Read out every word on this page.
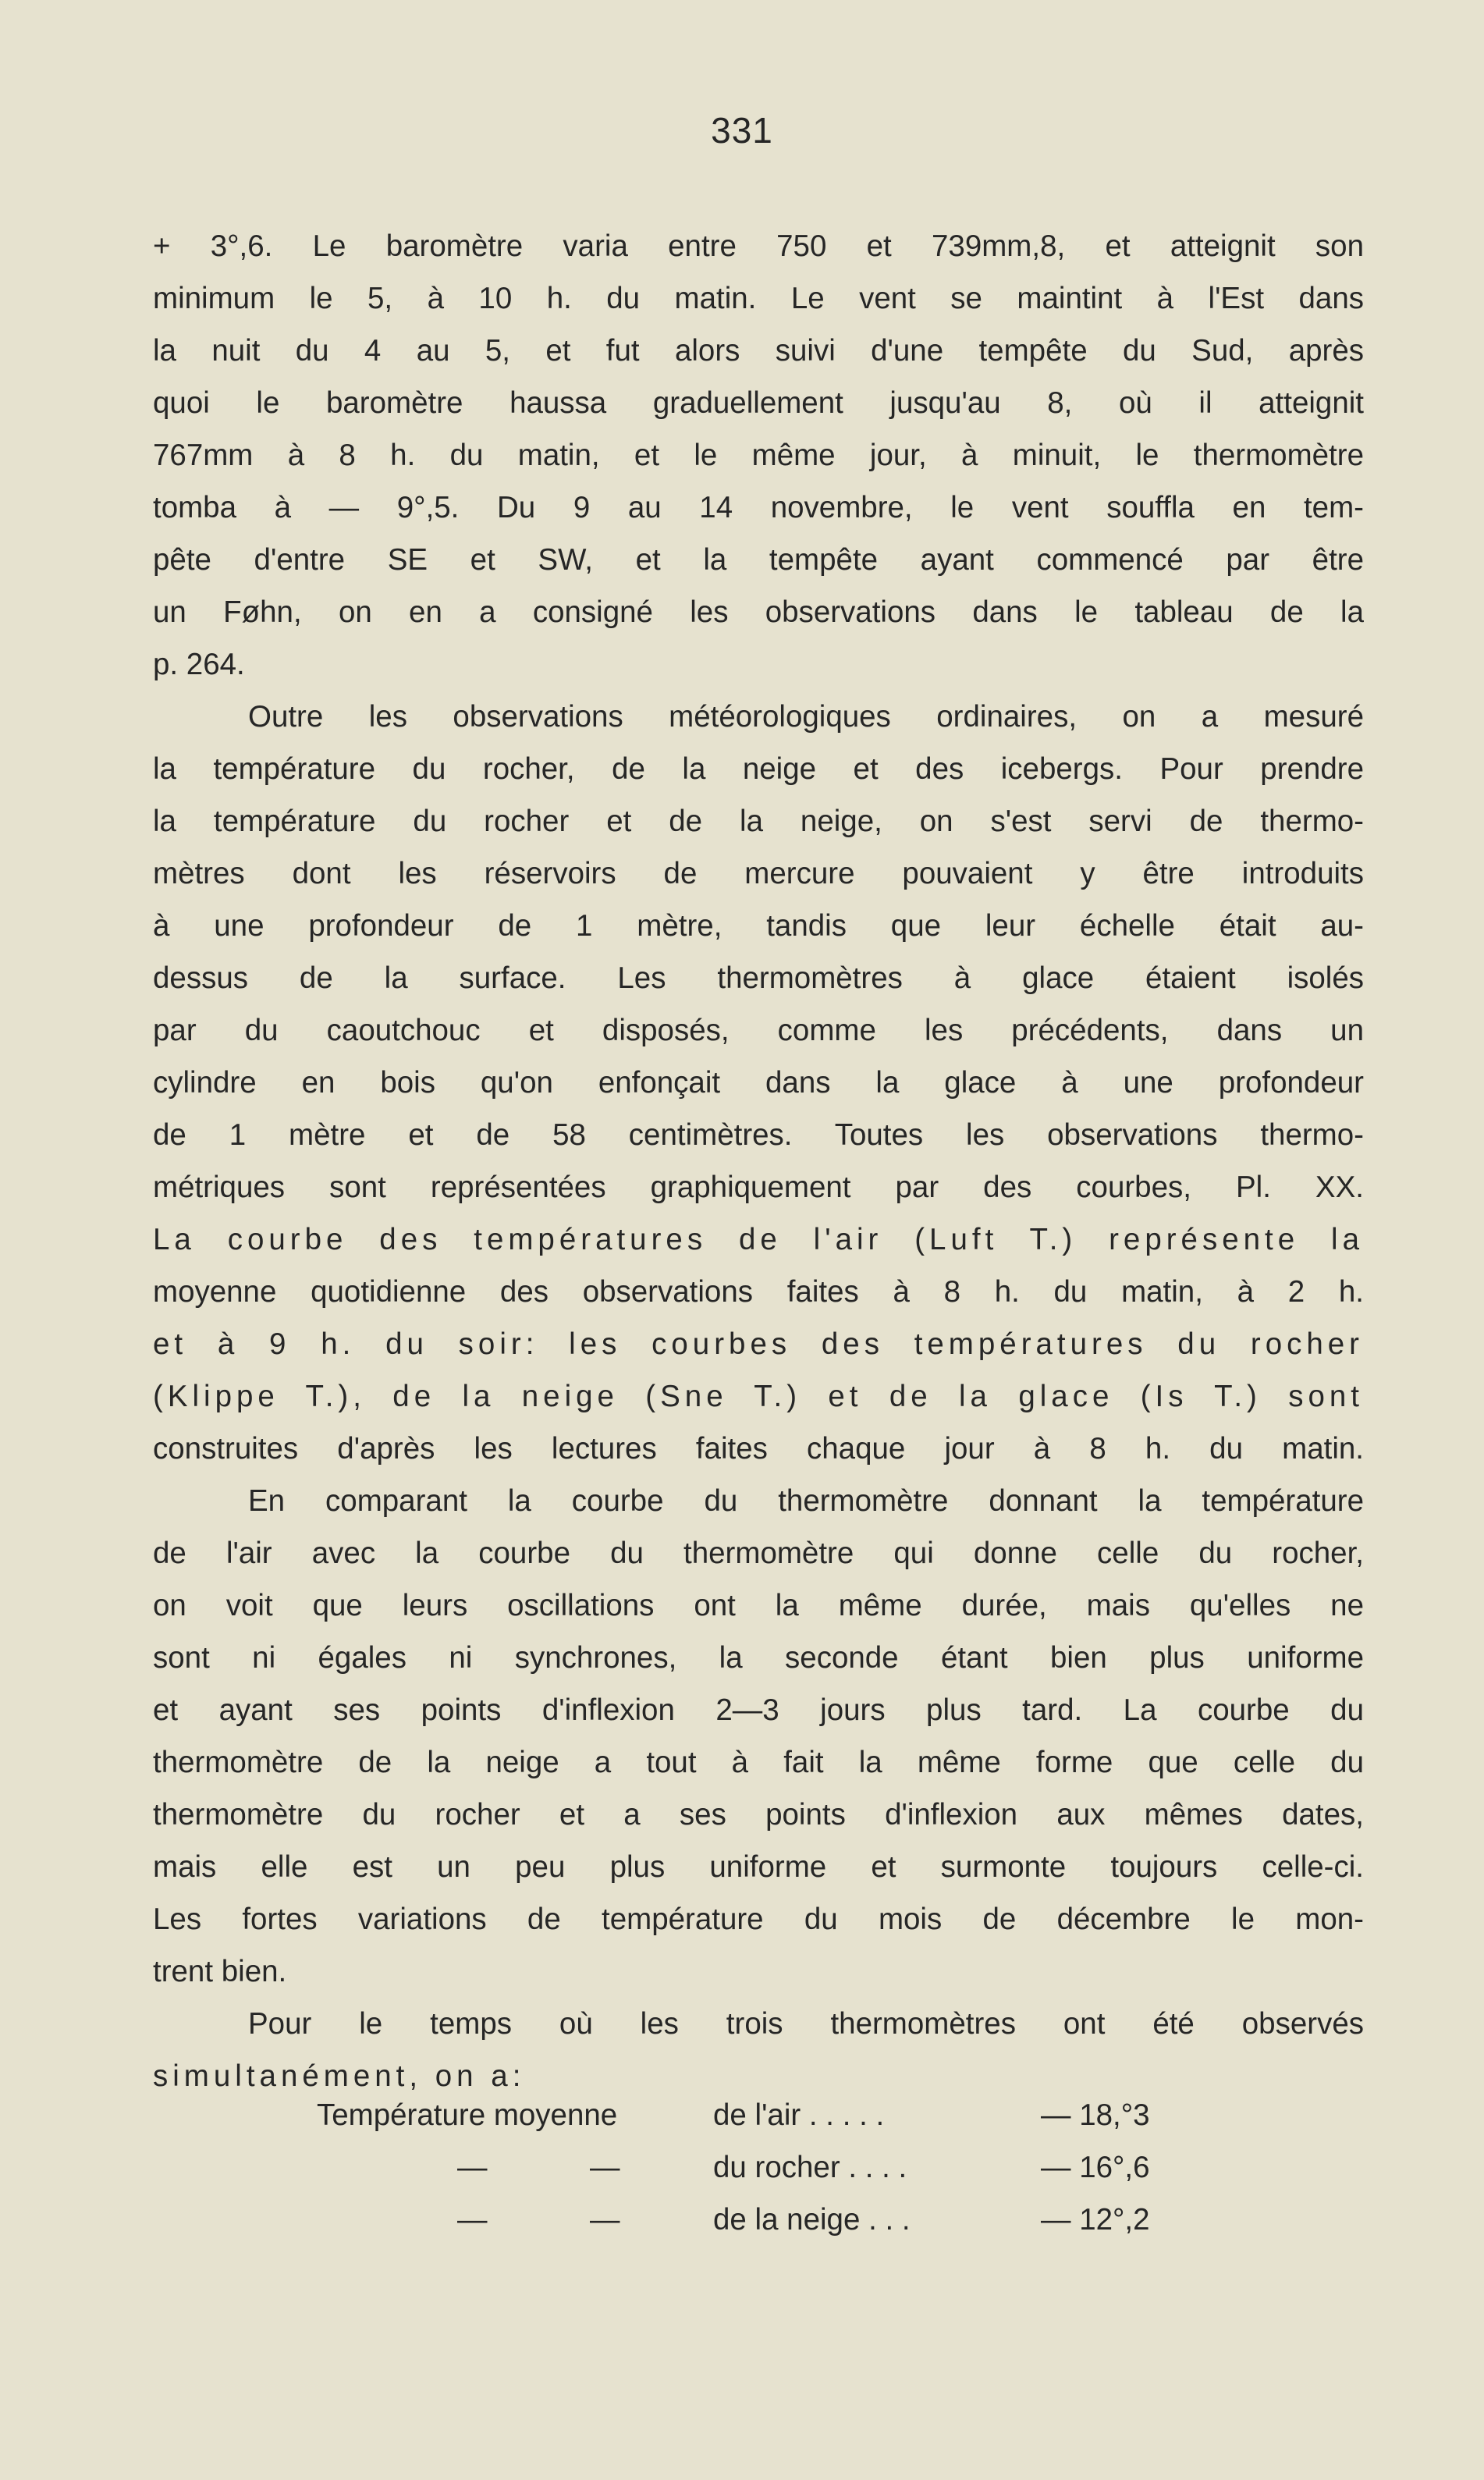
331
+ 3°,6. Le baromètre varia entre 750 et 739mm,8, et atteignit son
minimum le 5, à 10 h. du matin. Le vent se maintint à l'Est dans
la nuit du 4 au 5, et fut alors suivi d'une tempête du Sud, après
quoi le baromètre haussa graduellement jusqu'au 8, où il atteignit
767mm à 8 h. du matin, et le même jour, à minuit, le thermomètre
tomba à — 9°,5. Du 9 au 14 novembre, le vent souffla en tem-
pête d'entre SE et SW, et la tempête ayant commencé par être
un Føhn, on en a consigné les observations dans le tableau de la
p. 264.
Outre les observations météorologiques ordinaires, on a mesuré
la température du rocher, de la neige et des icebergs. Pour prendre
la température du rocher et de la neige, on s'est servi de thermo-
mètres dont les réservoirs de mercure pouvaient y être introduits
à une profondeur de 1 mètre, tandis que leur échelle était au-
dessus de la surface. Les thermomètres à glace étaient isolés
par du caoutchouc et disposés, comme les précédents, dans un
cylindre en bois qu'on enfonçait dans la glace à une profondeur
de 1 mètre et de 58 centimètres. Toutes les observations thermo-
métriques sont représentées graphiquement par des courbes, Pl. XX.
La courbe des températures de l'air (Luft T.) représente la
moyenne quotidienne des observations faites à 8 h. du matin, à 2 h.
et à 9 h. du soir: les courbes des températures du rocher
(Klippe T.), de la neige (Sne T.) et de la glace (Is T.) sont
construites d'après les lectures faites chaque jour à 8 h. du matin.
En comparant la courbe du thermomètre donnant la température
de l'air avec la courbe du thermomètre qui donne celle du rocher,
on voit que leurs oscillations ont la même durée, mais qu'elles ne
sont ni égales ni synchrones, la seconde étant bien plus uniforme
et ayant ses points d'inflexion 2—3 jours plus tard. La courbe du
thermomètre de la neige a tout à fait la même forme que celle du
thermomètre du rocher et a ses points d'inflexion aux mêmes dates,
mais elle est un peu plus uniforme et surmonte toujours celle-ci.
Les fortes variations de température du mois de décembre le mon-
trent bien.
Pour le temps où les trois thermomètres ont été observés
simultanément, on a:
Température moyenne	de l'air . . . . .	— 18,°3
—	—	du rocher . . . .	— 16°,6
—	—	de la neige . . .	— 12°,2
